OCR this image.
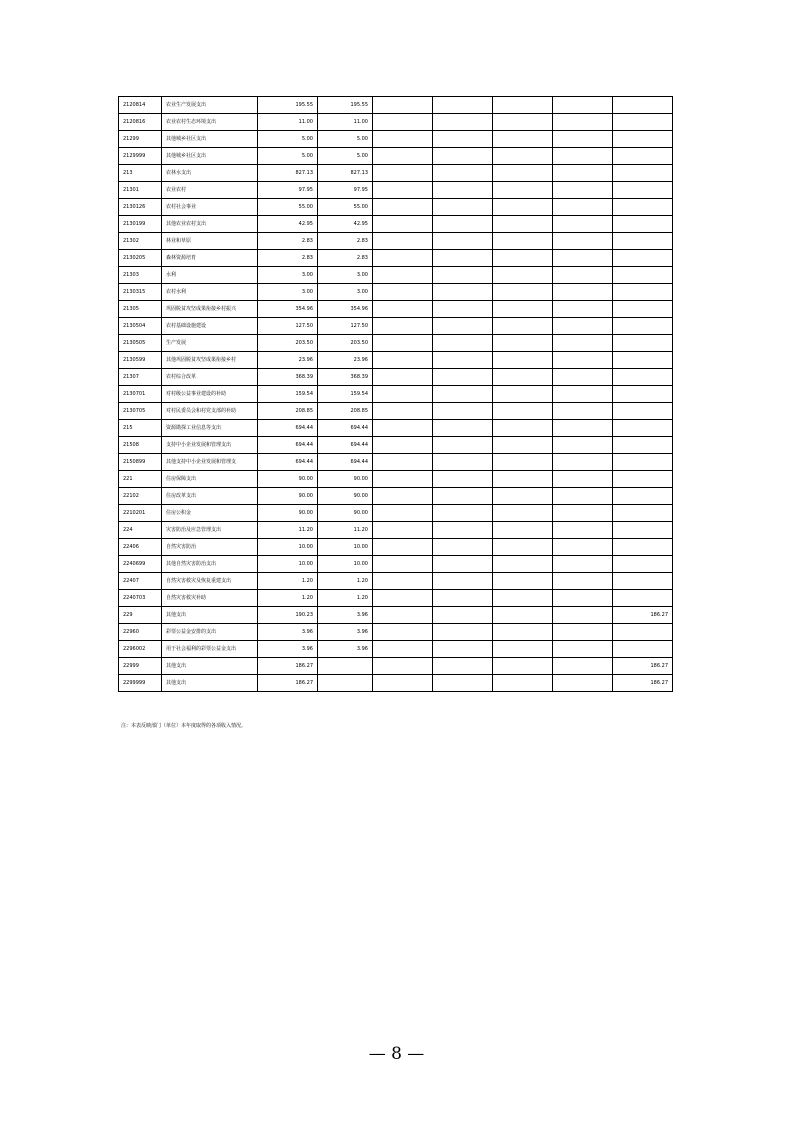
2120814	农业生产发展支出	195.55	195.55					
2120816	农业农村生态环境支出	11.00	11.00					
21299	其他城乡社区支出	5.00	5.00					
2129999	其他城乡社区支出	5.00	5.00					
213	农林水支出	827.13	827.13					
21301	农业农村	97.95	97.95					
2130126	农村社会事业	55.00	55.00					
2130199	其他农业农村支出	42.95	42.95					
21302	林业和草原	2.83	2.83					
2130205	森林资源培育	2.83	2.83					
21303	水利	3.00	3.00					
2130315	农村水利	3.00	3.00					
21305	巩固脱贫攻坚成果衔接乡村振兴	354.96	354.96					
2130504	农村基础设施建设	127.50	127.50					
2130505	生产发展	203.50	203.50					
2130599	其他巩固脱贫攻坚成果衔接乡村	23.96	23.96					
21307	农村综合改革	368.39	368.39					
2130701	对村级公益事业建设的补助	159.54	159.54					
2130705	对村民委员会和村党支部的补助	208.85	208.85					
215	资源勘探工业信息等支出	694.44	694.44					
21508	支持中小企业发展和管理支出	694.44	694.44					
2150899	其他支持中小企业发展和管理支	694.44	694.44					
221	住房保障支出	90.00	90.00					
22102	住房改革支出	90.00	90.00					
2210201	住房公积金	90.00	90.00					
224	灾害防治及应急管理支出	11.20	11.20					
22406	自然灾害防治	10.00	10.00					
2240699	其他自然灾害防治支出	10.00	10.00					
22407	自然灾害救灾及恢复重建支出	1.20	1.20					
2240703	自然灾害救灾补助	1.20	1.20					
229	其他支出	190.23	3.96					186.27
22960	彩票公益金安排的支出	3.96	3.96					
2296002	用于社会福利的彩票公益金支出	3.96	3.96					
22999	其他支出	186.27						186.27
2299999	其他支出	186.27						186.27
注：本表反映部门（单位）本年度取得的各项收入情况。
— 8 —
